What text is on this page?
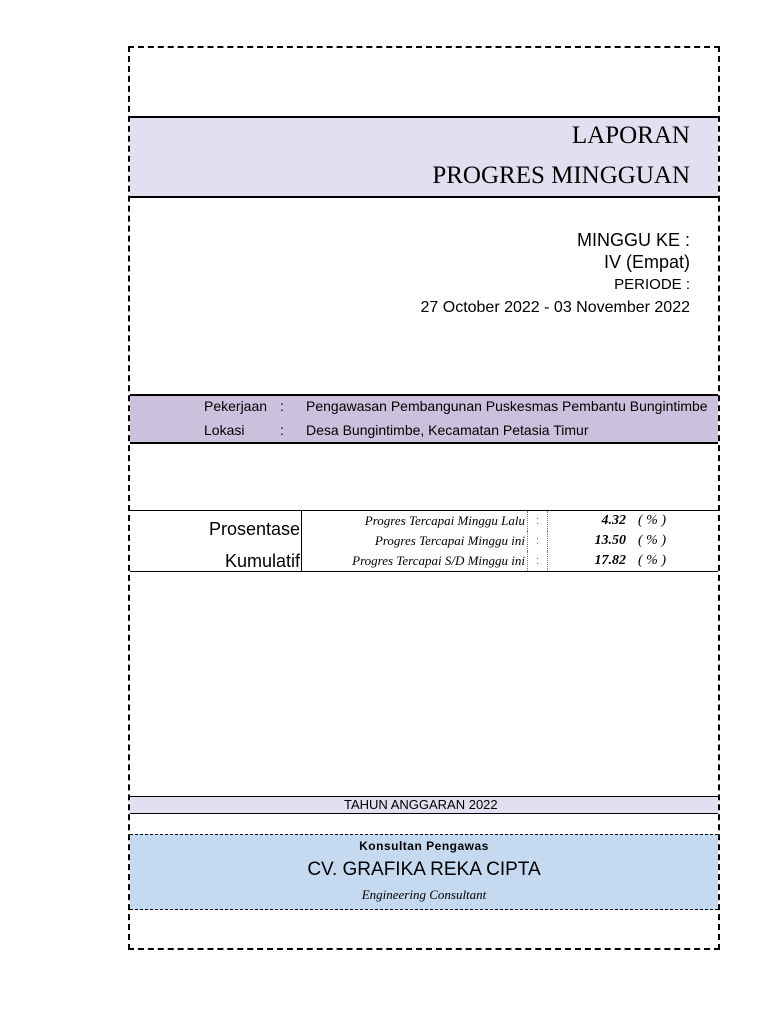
LAPORAN
PROGRES MINGGUAN
MINGGU KE :
IV (Empat)
PERIODE :
27 October 2022 - 03 November 2022
Pekerjaan : Pengawasan Pembangunan Puskesmas Pembantu Bungintimbe
Lokasi	: Desa Bungintimbe, Kecamatan Petasia Timur
Prosentase
Kumulatif
Progres Tercapai Minggu Lalu :	4.32 ( % )
Progres Tercapai Minggu ini :	13.50 ( % )
Progres Tercapai S/D Minggu ini :	17.82 ( % )
TAHUN ANGGARAN 2022
Konsultan Pengawas
CV. GRAFIKA REKA CIPTA
Engineering Consultant
